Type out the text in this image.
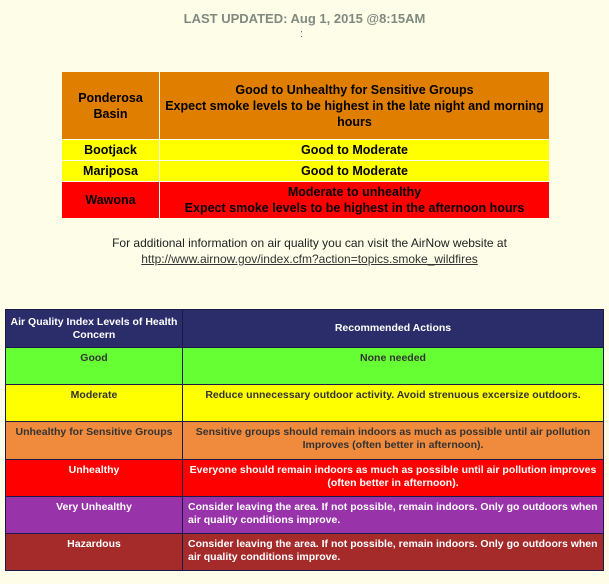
LAST UPDATED: Aug 1, 2015 @8:15AM
:
Ponderosa Basin	Good to Unhealthy for Sensitive Groups
Expect smoke levels to be highest in the late night and morning hours

Bootjack	Good to Moderate

Mariposa	Good to Moderate

Wawona	Moderate to unhealthy
Expect smoke levels to be highest in the afternoon hours
For additional information on air quality you can visit the AirNow website at
http://www.airnow.gov/index.cfm?action=topics.smoke_wildfires
Air Quality Index Levels of Health Concern	Recommended Actions
Good	None needed

Moderate	Reduce unnecessary outdoor activity. Avoid strenuous excersize outdoors.

Unhealthy for Sensitive Groups	Sensitive groups should remain indoors as much as possible until air pollution
Improves (often better in afternoon).

Unhealthy	Everyone should remain indoors as much as possible until air pollution improves
(often better in afternoon).

Very Unhealthy	Consider leaving the area. If not possible, remain indoors. Only go outdoors when
air quality conditions improve.

Hazardous	Consider leaving the area. If not possible, remain indoors. Only go outdoors when
air quality conditions improve.
